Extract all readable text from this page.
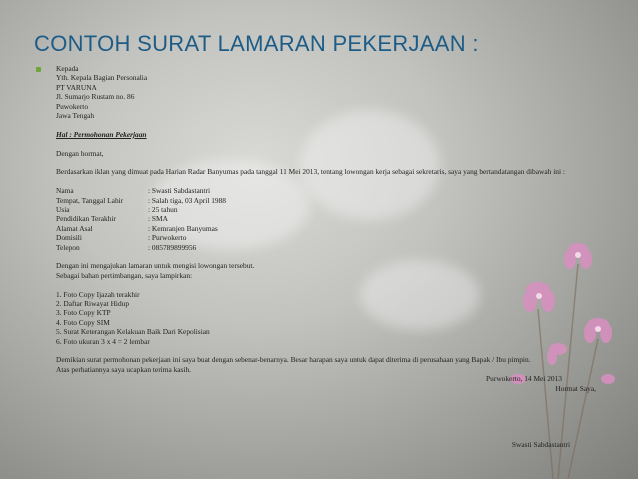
CONTOH SURAT LAMARAN PEKERJAAN :
Kepada
Yth. Kepala Bagian Personalia
PT VARUNA
Jl. Sumarjo Rustam no. 86
Puwokerto
Jawa Tengah
Hal : Permohonan Pekerjaan
Dengan hormat,

Berdasarkan iklan yang dimuat pada Harian Radar Banyumas pada tanggal 11 Mei 2013, tentang lowongan kerja sebagai sekretaris, saya yang bertandatangan dibawah ini :

Nama	: Swasti Sabdastantri
Tempat, Tanggal Lahir	: Salah tiga, 03 April 1988
Usia	: 25 tahun
Pendidikan Terakhir	: SMA
Alamat Asal	: Kemranjen Banyumas
Domisili	: Purwokerto
Telepon	: 085789899956
Dengan ini mengajukan lamaran untuk mengisi lowongan tersebut.
Sebagai bahan pertimbangan, saya lampirkan:
1. Foto Copy Ijazah terakhir
2. Daftar Riwayat Hidup
3. Foto Copy KTP
4. Foto Copy SIM
5. Surat Keterangan Kelakuan Baik Dari Kepolisian
6. Foto ukuran 3 x 4 = 2 lembar
Demikian surat permohonan pekerjaan ini saya buat dengan sebenar-benarnya. Besar harapan saya untuk dapat diterima di perusahaan yang Bapak / Ibu pimpin.
Atas perhatiannya saya ucapkan terima kasih.
Purwokerto, 14 Mei 2013
Hormat Saya,
Swasti Sabdastantri
